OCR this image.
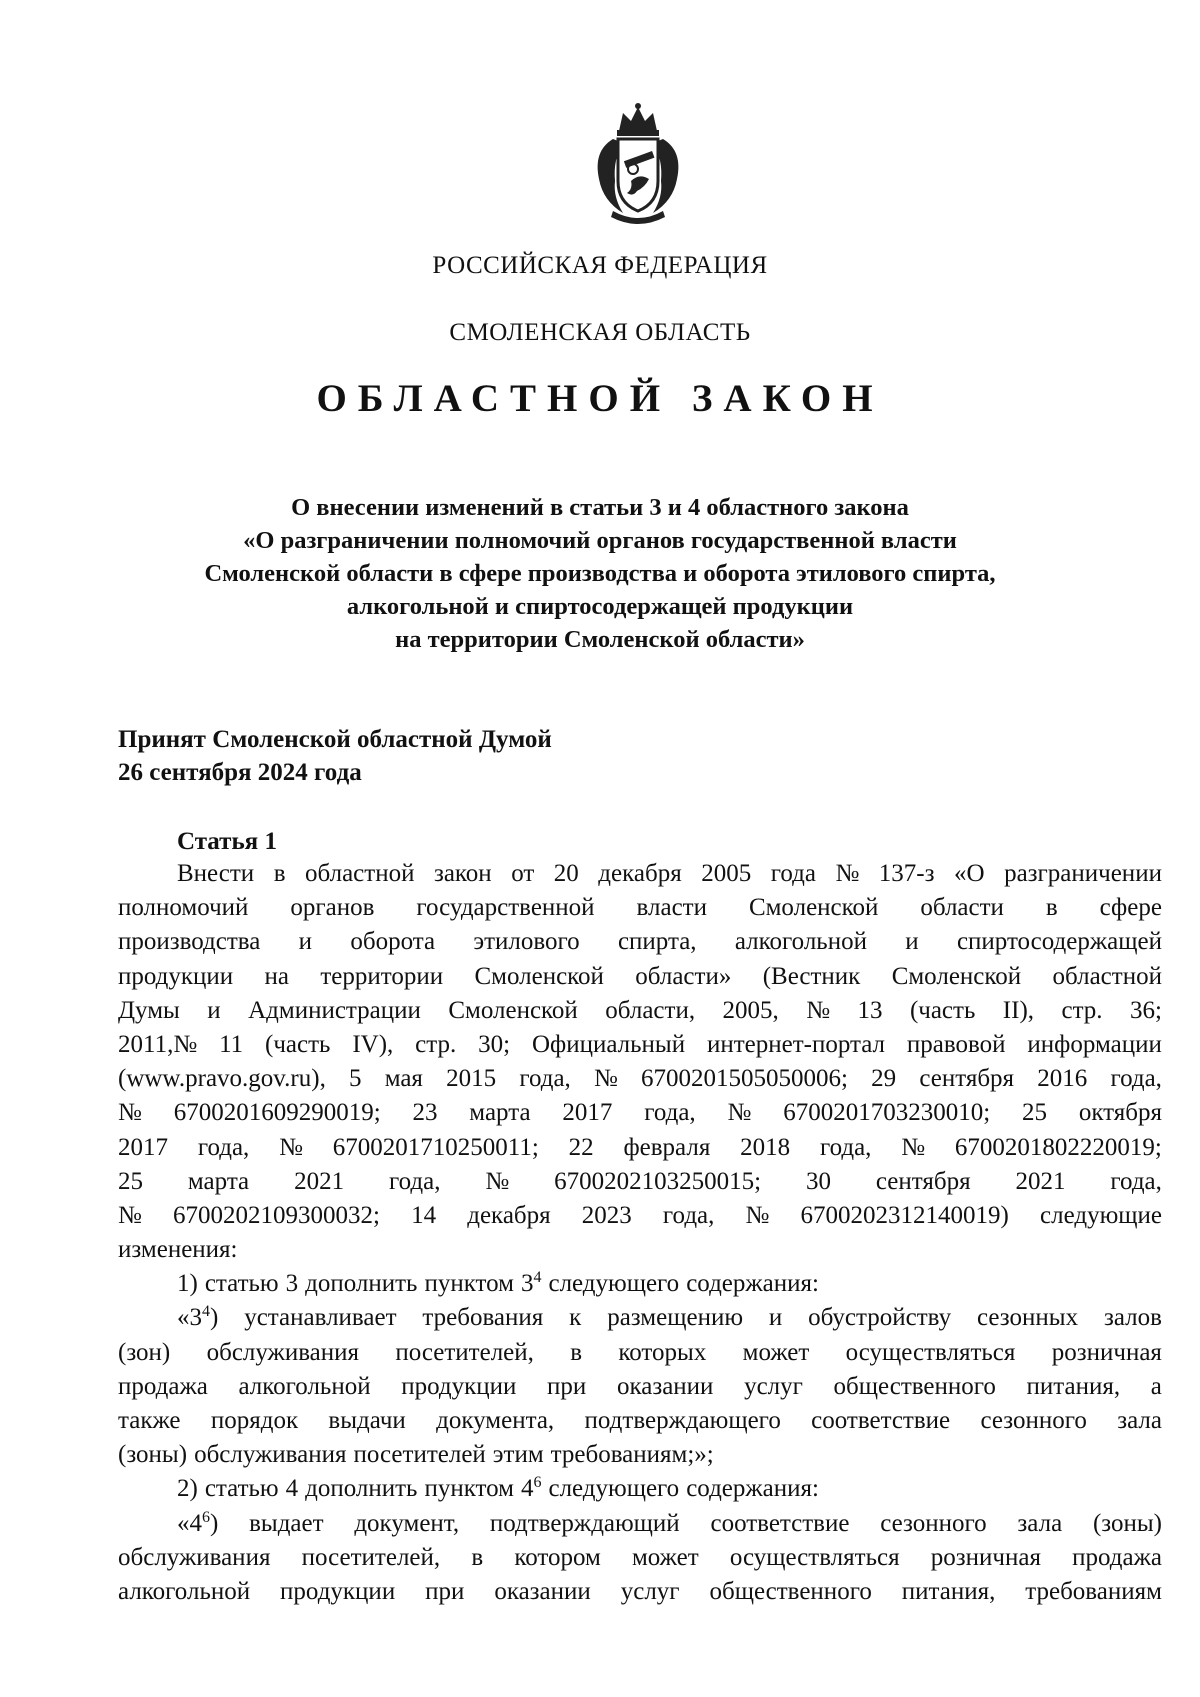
РОССИЙСКАЯ ФЕДЕРАЦИЯ
СМОЛЕНСКАЯ ОБЛАСТЬ
ОБЛАСТНОЙ ЗАКОН
О внесении изменений в статьи 3 и 4 областного закона
«О разграничении полномочий органов государственной власти
Смоленской области в сфере производства и оборота этилового спирта,
алкогольной и спиртосодержащей продукции
на территории Смоленской области»
Принят Смоленской областной Думой
26 сентября 2024 года
Статья 1
Внести в областной закон от 20 декабря 2005 года № 137-з «О разграничении
полномочий органов государственной власти Смоленской области в сфере
производства и оборота этилового спирта, алкогольной и спиртосодержащей
продукции на территории Смоленской области» (Вестник Смоленской областной
Думы и Администрации Смоленской области, 2005, № 13 (часть II), стр. 36;
2011,№ 11 (часть IV), стр. 30; Официальный интернет-портал правовой информации
(www.pravo.gov.ru), 5 мая 2015 года, № 6700201505050006; 29 сентября 2016 года,
№ 6700201609290019; 23 марта 2017 года, № 6700201703230010; 25 октября
2017 года, № 6700201710250011; 22 февраля 2018 года, № 6700201802220019;
25 марта 2021 года, № 6700202103250015; 30 сентября 2021 года,
№ 6700202109300032; 14 декабря 2023 года, № 6700202312140019) следующие
изменения:
1) статью 3 дополнить пунктом $3^4$ следующего содержания:
«$3^4$) устанавливает требования к размещению и обустройству сезонных залов
(зон) обслуживания посетителей, в которых может осуществляться розничная
продажа алкогольной продукции при оказании услуг общественного питания, а
также порядок выдачи документа, подтверждающего соответствие сезонного зала
(зоны) обслуживания посетителей этим требованиям;»;
2) статью 4 дополнить пунктом $4^6$ следующего содержания:
«$4^6$) выдает документ, подтверждающий соответствие сезонного зала (зоны)
обслуживания посетителей, в котором может осуществляться розничная продажа
алкогольной продукции при оказании услуг общественного питания, требованиям
